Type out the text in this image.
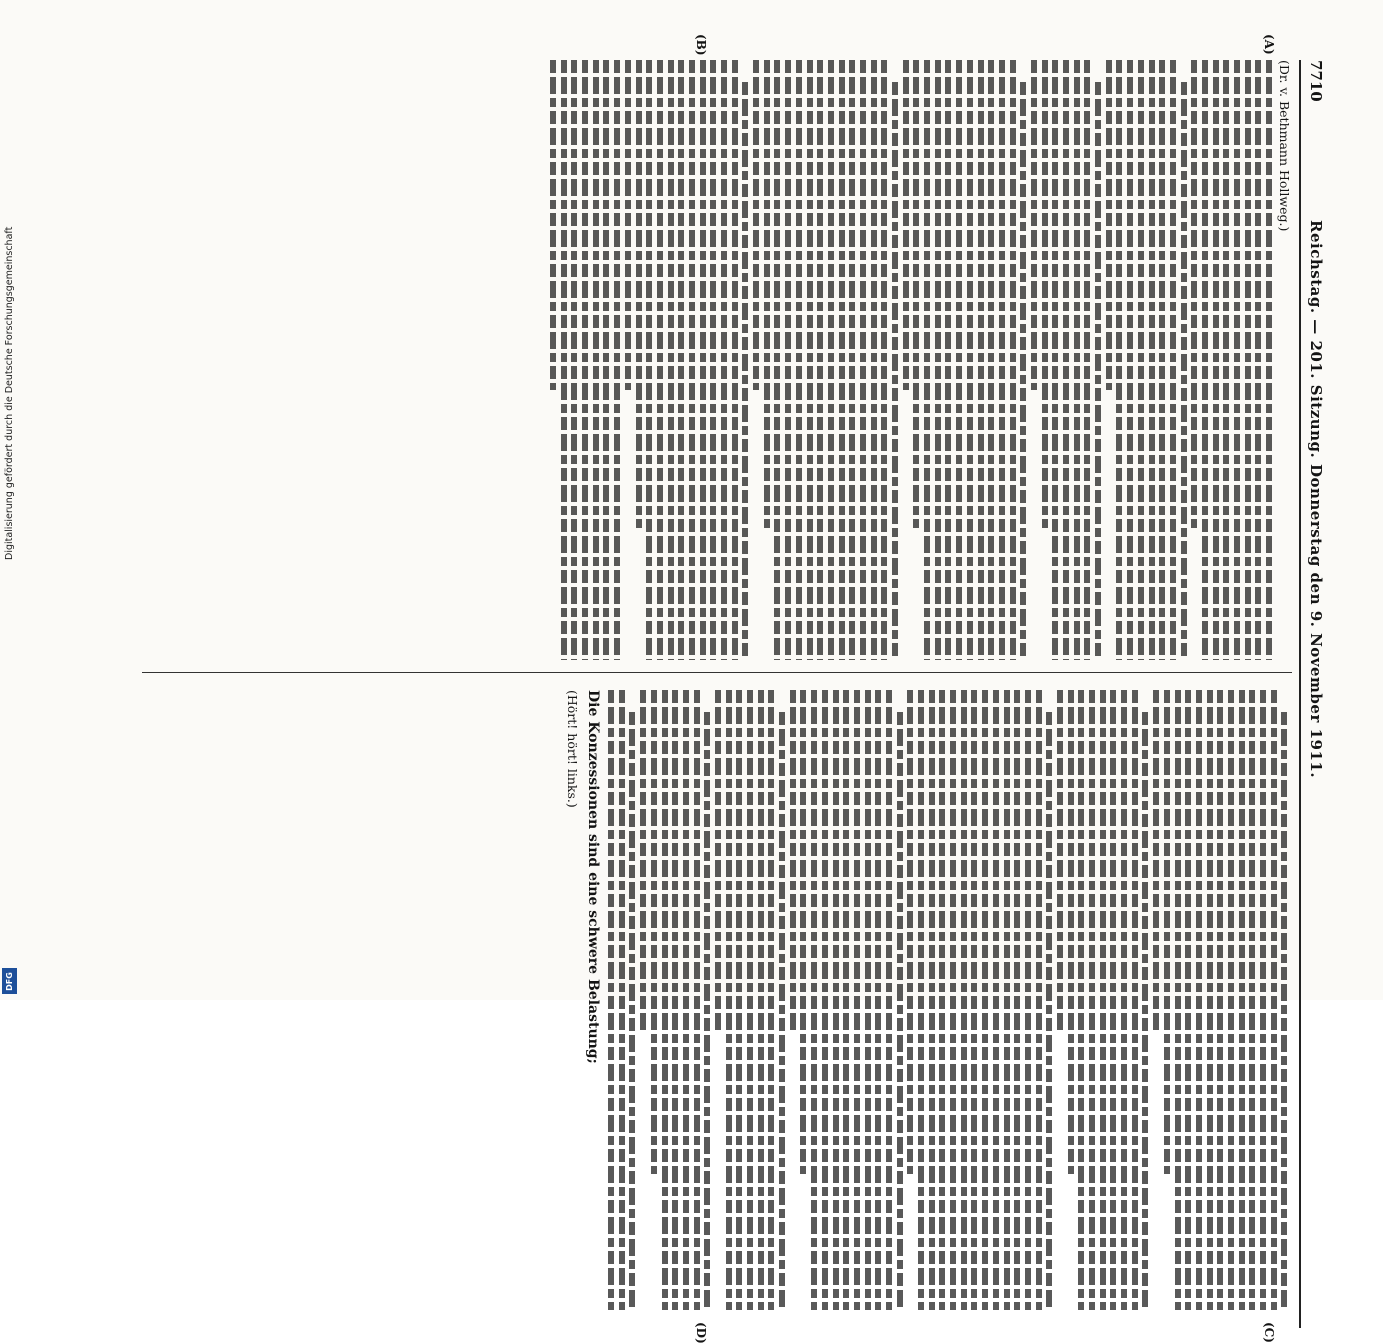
7710
Reichstag. — 201. Sitzung. Donnerstag den 9. November 1911.
(A)
(B)
(C)
(D)
(Dr. v. Bethmann Hollweg.)
Die Konzessionen sind eine schwere Belastung;
(Hört! hört! links.)
Digitalisierung gefördert durch die Deutsche Forschungsgemeinschaft
DFG
